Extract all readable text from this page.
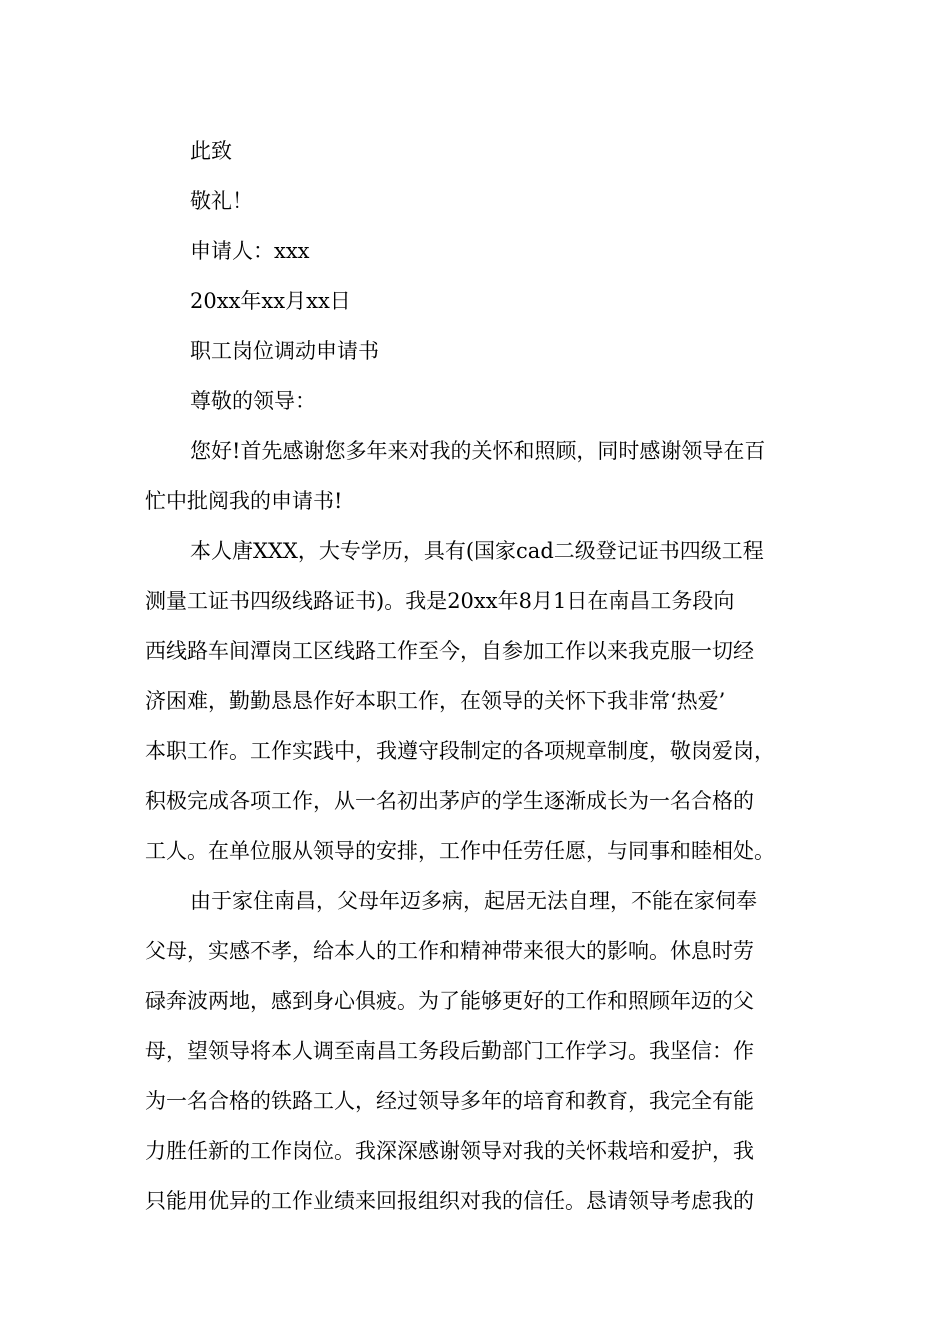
此致

敬礼！

申请人：xxx

20xx年xx月xx日

职工岗位调动申请书

尊敬的领导：

您好!首先感谢您多年来对我的关怀和照顾，同时感谢领导在百

忙中批阅我的申请书!

本人唐XXX，大专学历，具有(国家cad二级登记证书四级工程

测量工证书四级线路证书)。我是20xx年8月1日在南昌工务段向

西线路车间潭岗工区线路工作至今，自参加工作以来我克服一切经

济困难，勤勤恳恳作好本职工作，在领导的关怀下我非常‘热爱’

本职工作。工作实践中，我遵守段制定的各项规章制度，敬岗爱岗，

积极完成各项工作，从一名初出茅庐的学生逐渐成长为一名合格的

工人。在单位服从领导的安排，工作中任劳任愿，与同事和睦相处。

由于家住南昌，父母年迈多病，起居无法自理，不能在家伺奉

父母，实感不孝，给本人的工作和精神带来很大的影响。休息时劳

碌奔波两地，感到身心俱疲。为了能够更好的工作和照顾年迈的父

母，望领导将本人调至南昌工务段后勤部门工作学习。我坚信：作

为一名合格的铁路工人，经过领导多年的培育和教育，我完全有能

力胜任新的工作岗位。我深深感谢领导对我的关怀栽培和爱护，我

只能用优异的工作业绩来回报组织对我的信任。恳请领导考虑我的
